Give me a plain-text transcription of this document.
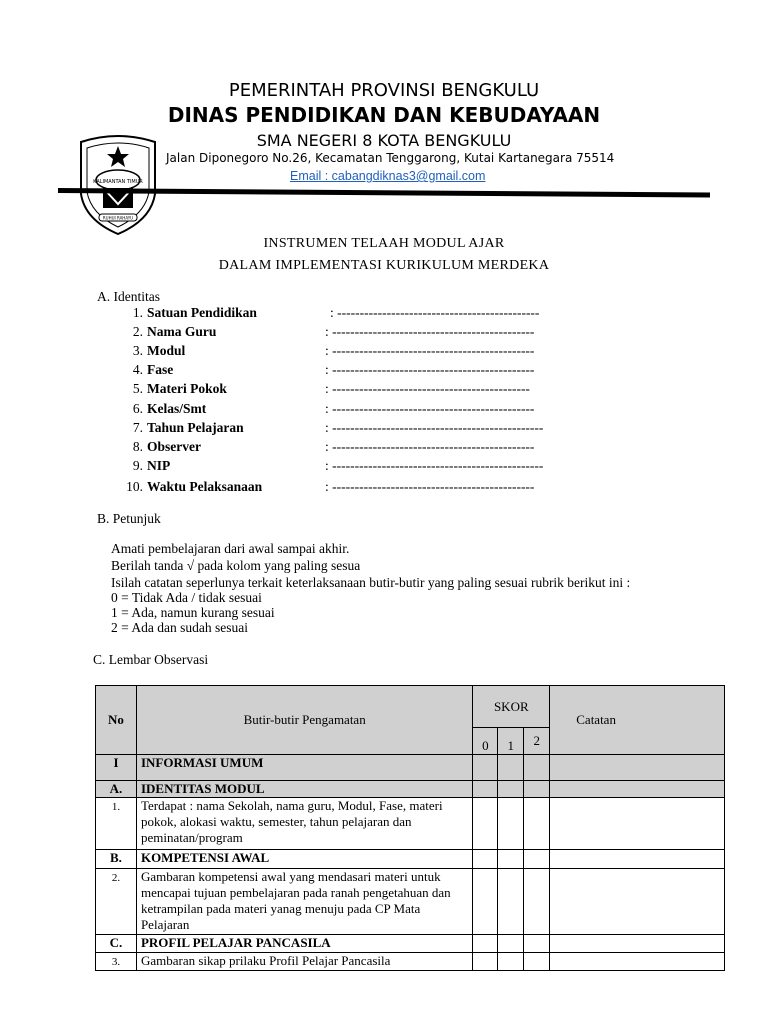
KALIMANTAN TIMUR
RUHUI RAHAYU
PEMERINTAH PROVINSI BENGKULU
DINAS PENDIDIKAN DAN KEBUDAYAAN
SMA NEGERI 8 KOTA BENGKULU
Jalan Diponegoro No.26, Kecamatan Tenggarong, Kutai Kartanegara 75514
Email : cabangdiknas3@gmail.com
INSTRUMEN TELAAH MODUL AJAR
DALAM IMPLEMENTASI KURIKULUM MERDEKA
A. Identitas
1. Satuan Pendidikan	: ---------------------------------------------
2. Nama Guru	: ---------------------------------------------
3. Modul	: ---------------------------------------------
4. Fase	: ---------------------------------------------
5. Materi Pokok	: --------------------------------------------
6. Kelas/Smt	: ---------------------------------------------
7. Tahun Pelajaran	: -----------------------------------------------
8. Observer	: ---------------------------------------------
9. NIP	: -----------------------------------------------
10. Waktu Pelaksanaan	: ---------------------------------------------
B. Petunjuk
Amati pembelajaran dari awal sampai akhir.
Berilah tanda √ pada kolom yang paling sesua
Isilah catatan seperlunya terkait keterlaksanaan butir-butir yang paling sesuai rubrik berikut ini :
0 = Tidak Ada / tidak sesuai
1 = Ada, namun kurang sesuai
2 = Ada dan sudah sesuai
C. Lembar Observasi
No	Butir-butir Pengamatan	SKOR			Catatan
		0	1	2	
I	INFORMASI UMUM				
A.	IDENTITAS MODUL				
1.	Terdapat : nama Sekolah, nama guru, Modul, Fase, materi pokok, alokasi waktu, semester, tahun pelajaran dan peminatan/program				
B.	KOMPETENSI AWAL				
2.	Gambaran kompetensi awal yang mendasari materi untuk mencapai tujuan pembelajaran pada ranah pengetahuan dan ketrampilan pada materi yanag menuju pada CP Mata Pelajaran				
C.	PROFIL PELAJAR PANCASILA				
3.	Gambaran sikap prilaku Profil Pelajar Pancasila				
